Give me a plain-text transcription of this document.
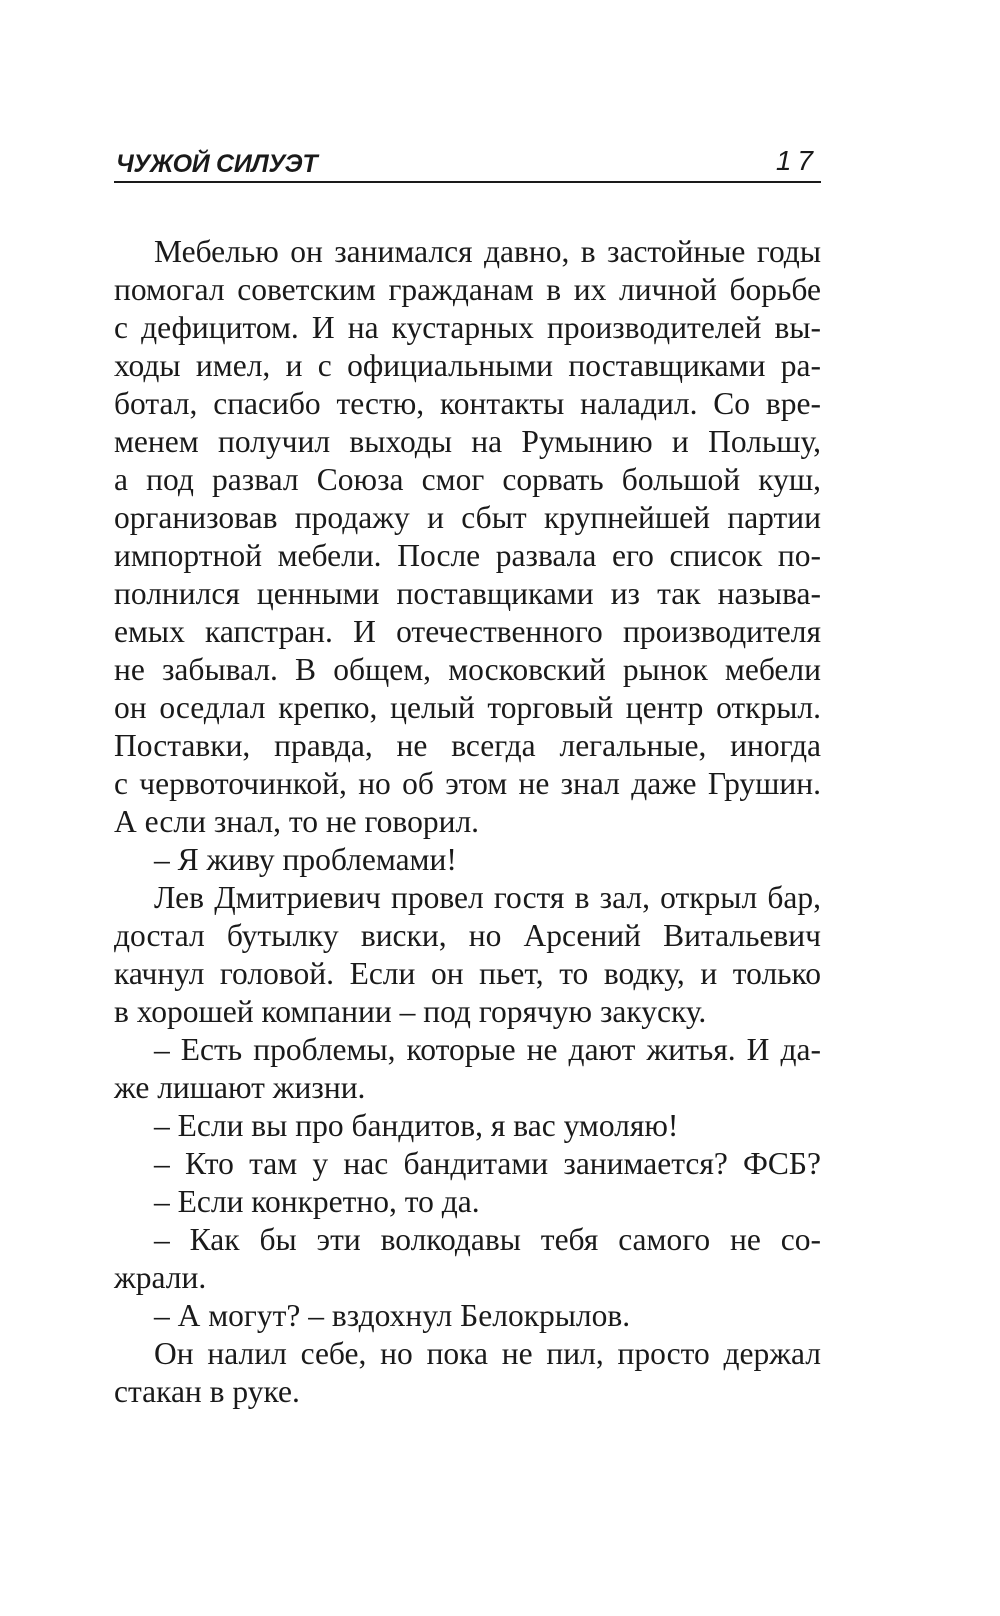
ЧУЖОЙ СИЛУЭТ	17
Мебелью он занимался давно, в застойные годы
помогал советским гражданам в их личной борьбе
с дефицитом. И на кустарных производителей вы-
ходы имел, и с официальными поставщиками ра-
ботал, спасибо тестю, контакты наладил. Со вре-
менем получил выходы на Румынию и Польшу,
а под развал Союза смог сорвать большой куш,
организовав продажу и сбыт крупнейшей партии
импортной мебели. После развала его список по-
полнился ценными поставщиками из так называ-
емых капстран. И отечественного производителя
не забывал. В общем, московский рынок мебели
он оседлал крепко, целый торговый центр открыл.
Поставки, правда, не всегда легальные, иногда
с червоточинкой, но об этом не знал даже Грушин.
А если знал, то не говорил.
– Я живу проблемами!
Лев Дмитриевич провел гостя в зал, открыл бар,
достал бутылку виски, но Арсений Витальевич
качнул головой. Если он пьет, то водку, и только
в хорошей компании – под горячую закуску.
– Есть проблемы, которые не дают житья. И да-
же лишают жизни.
– Если вы про бандитов, я вас умоляю!
– Кто там у нас бандитами занимается? ФСБ?
– Если конкретно, то да.
– Как бы эти волкодавы тебя самого не со-
жрали.
– А могут? – вздохнул Белокрылов.
Он налил себе, но пока не пил, просто держал
стакан в руке.
